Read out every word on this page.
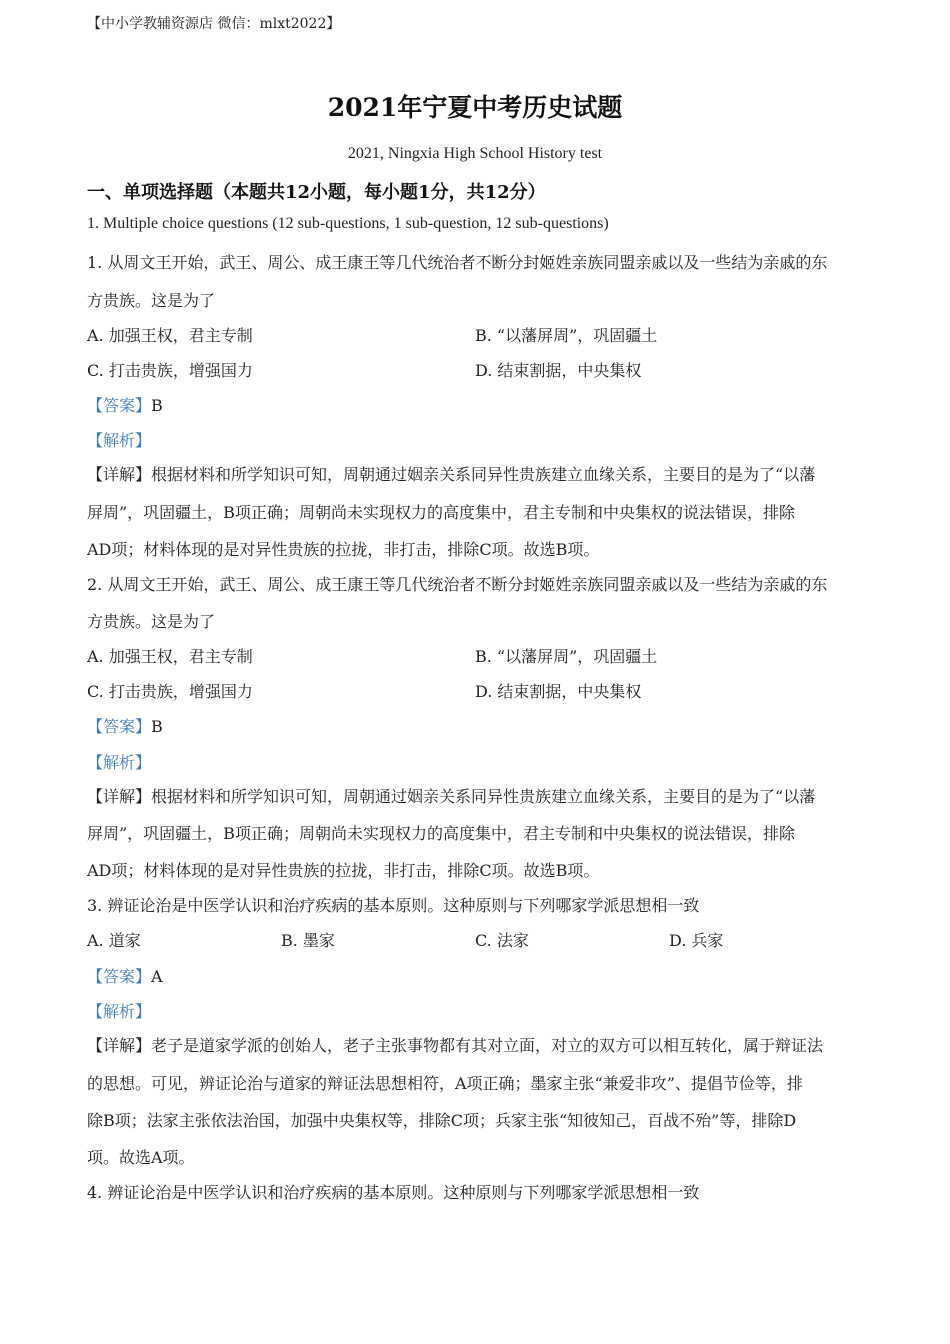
【中小学教辅资源店 微信：mlxt2022】
2021年宁夏中考历史试题
2021, Ningxia High School History test
一、单项选择题（本题共12小题，每小题1分，共12分）
1. Multiple choice questions (12 sub-questions, 1 sub-question, 12 sub-questions)
1. 从周文王开始，武王、周公、成王康王等几代统治者不断分封姬姓亲族同盟亲戚以及一些结为亲戚的东
方贵族。这是为了
A. 加强王权，君主专制	B. “以藩屏周”，巩固疆土
C. 打击贵族，增强国力	D. 结束割据，中央集权
【答案】B
【解析】
【详解】根据材料和所学知识可知，周朝通过姻亲关系同异性贵族建立血缘关系，主要目的是为了“以藩
屏周”，巩固疆土，B项正确；周朝尚未实现权力的高度集中，君主专制和中央集权的说法错误，排除
AD项；材料体现的是对异性贵族的拉拢，非打击，排除C项。故选B项。
2. 从周文王开始，武王、周公、成王康王等几代统治者不断分封姬姓亲族同盟亲戚以及一些结为亲戚的东
方贵族。这是为了
A. 加强王权，君主专制	B. “以藩屏周”，巩固疆土
C. 打击贵族，增强国力	D. 结束割据，中央集权
【答案】B
【解析】
【详解】根据材料和所学知识可知，周朝通过姻亲关系同异性贵族建立血缘关系，主要目的是为了“以藩
屏周”，巩固疆土，B项正确；周朝尚未实现权力的高度集中，君主专制和中央集权的说法错误，排除
AD项；材料体现的是对异性贵族的拉拢，非打击，排除C项。故选B项。
3. 辨证论治是中医学认识和治疗疾病的基本原则。这种原则与下列哪家学派思想相一致
A. 道家	B. 墨家	C. 法家	D. 兵家
【答案】A
【解析】
【详解】老子是道家学派的创始人，老子主张事物都有其对立面，对立的双方可以相互转化，属于辩证法
的思想。可见，辨证论治与道家的辩证法思想相符，A项正确；墨家主张“兼爱非攻”、提倡节俭等，排
除B项；法家主张依法治国，加强中央集权等，排除C项；兵家主张“知彼知己，百战不殆”等，排除D
项。故选A项。
4. 辨证论治是中医学认识和治疗疾病的基本原则。这种原则与下列哪家学派思想相一致
